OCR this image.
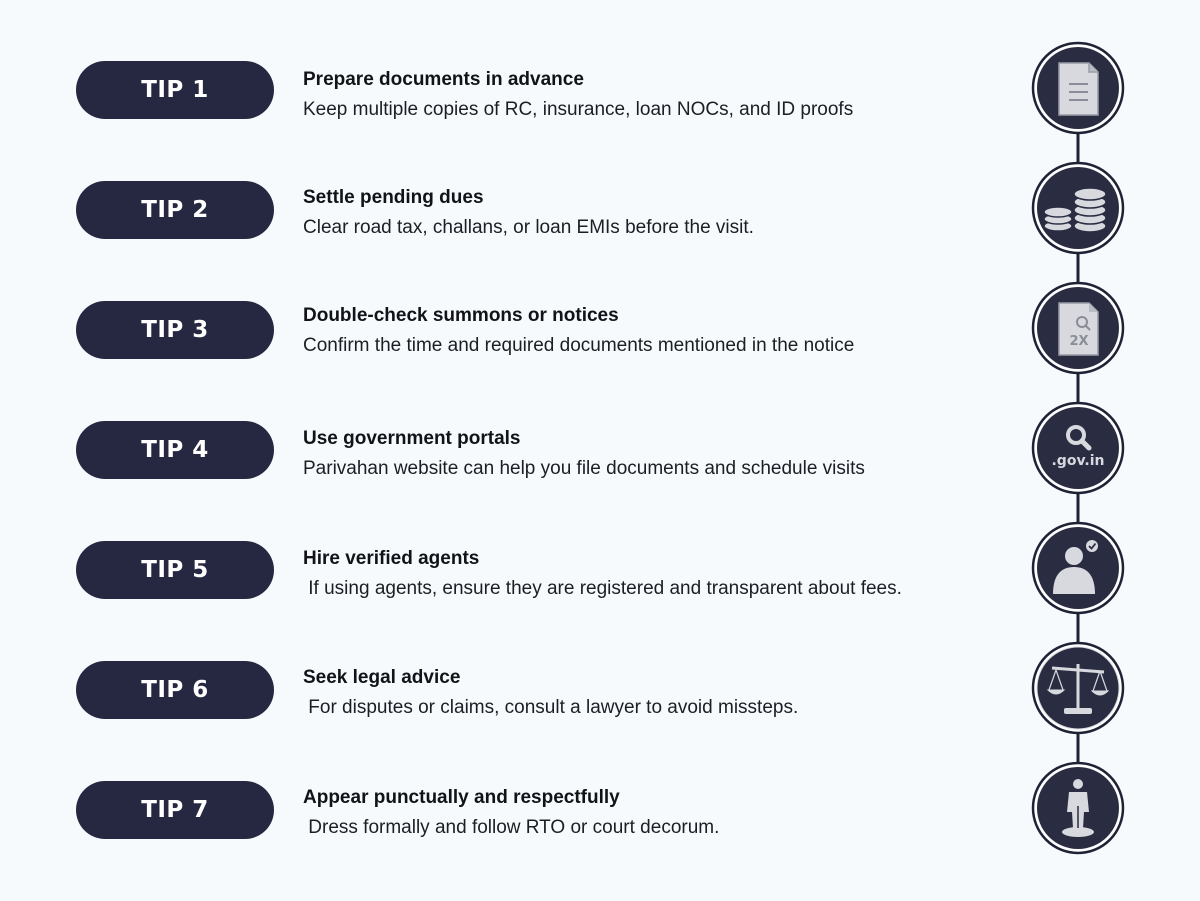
TIP 1	Prepare documents in advance
Keep multiple copies of RC, insurance, loan NOCs, and ID proofs
TIP 2	Settle pending dues
Clear road tax, challans, or loan EMIs before the visit.
TIP 3
Double-check summons or notices
Confirm the time and required documents mentioned in the notice
TIP 4	Use government portals
Parivahan website can help you file documents and schedule visits
TIP 5	Hire verified agents
If using agents, ensure they are registered and transparent about fees.
TIP 6	Seek legal advice
For disputes or claims, consult a lawyer to avoid missteps.
TIP 7	Appear punctually and respectfully
Dress formally and follow RTO or court decorum.
2X
.gov.in
